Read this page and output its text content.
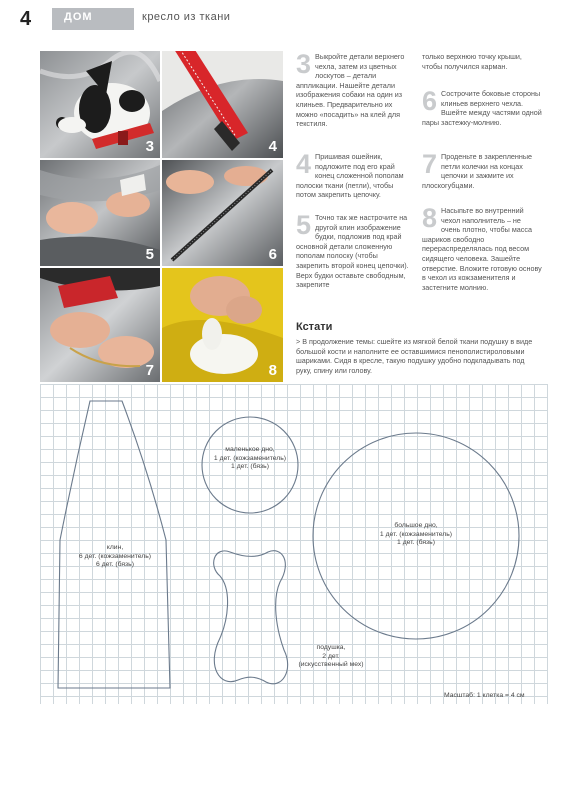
4	ДОМ	кресло из ткани
3	4
5	6
7	8
3 Выкройте детали верхнего чехла, затем из цветных лоскутов – детали аппликации. Нашейте детали изображения собаки на один из клиньев. Предварительно их можно «посадить» на клей для текстиля.
4 Пришивая ошейник, подложите под его край конец сложенной пополам полоски ткани (петли), чтобы потом закрепить цепочку.
5 Точно так же настрочите на другой клин изображение будки, подложив под край основной детали сложенную пополам полоску (чтобы закрепить второй конец цепочки). Верх будки оставьте свободным, закрепите
только верхнюю точку крыши, чтобы получился карман.
6 Сострочите боковые стороны клиньев верхнего чехла. Вшейте между частями одной пары застежку-молнию.
7 Проденьте в закрепленные петли колечки на концах цепочки и зажмите их плоскогубцами.
8 Насыпьте во внутренний чехол наполнитель – не очень плотно, чтобы масса шариков свободно перераспределялась под весом сидящего человека. Зашейте отверстие. Вложите готовую основу в чехол из кожзаменителя и застегните молнию.
Кстати
> В продолжение темы: сшейте из мягкой белой ткани подушку в виде большой кости и наполните ее оставшимися пенополистироловыми шариками. Сидя в кресле, такую подушку удобно подкладывать под руку, спину или голову.
клин,
6 дет. (кожзаменитель)
6 дет. (бязь)
маленькое дно,
1 дет. (кожзаменитель)
1 дет. (бязь)
большое дно,
1 дет. (кожзаменитель)
1 дет. (бязь)
подушка,
2 дет.
(искусственный мех)
Масштаб: 1 клетка = 4 см
